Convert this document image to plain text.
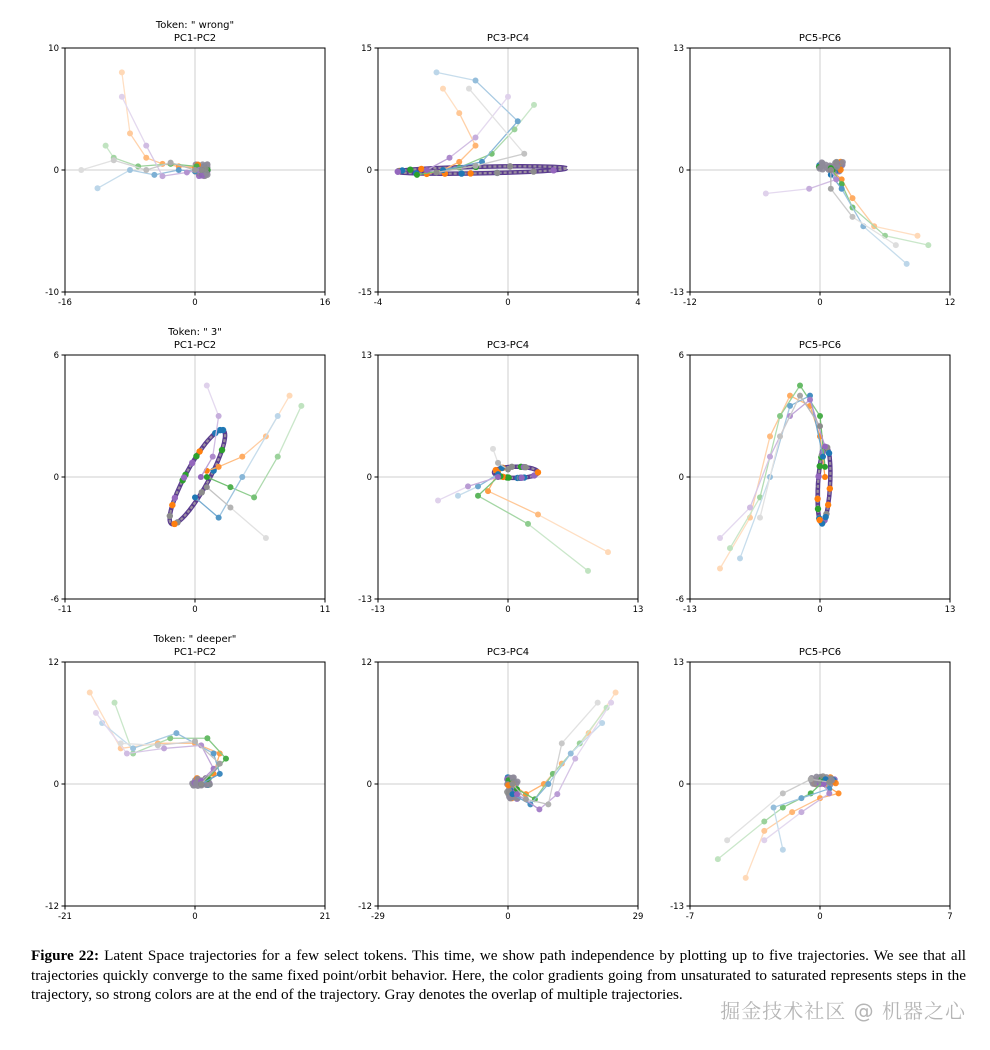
-16	0	16
-10
0
10
PC1-PC2
Token: " wrong"
-4	0	4
-15
0
15
PC3-PC4
-12	0	12
-13
0
13
PC5-PC6
-11	0	11
-6
0
6
PC1-PC2
Token: " 3"
-13	0	13
-13
0
13
PC3-PC4
-13	0	13
-6
0
6
PC5-PC6
-21	0	21
-12
0
12
PC1-PC2
Token: " deeper"
-29	0	29
-12
0
12
PC3-PC4
-7	0	7
-13
0
13
PC5-PC6
Figure 22: Latent Space trajectories for a few select tokens. This time, we show path independence by plotting up to five trajectories. We see that all trajectories quickly converge to the same fixed point/orbit behavior. Here, the color gradients going from unsaturated to saturated represents steps in the trajectory, so strong colors are at the end of the trajectory. Gray denotes the overlap of multiple trajectories.
掘金技术社区 @ 机器之心
